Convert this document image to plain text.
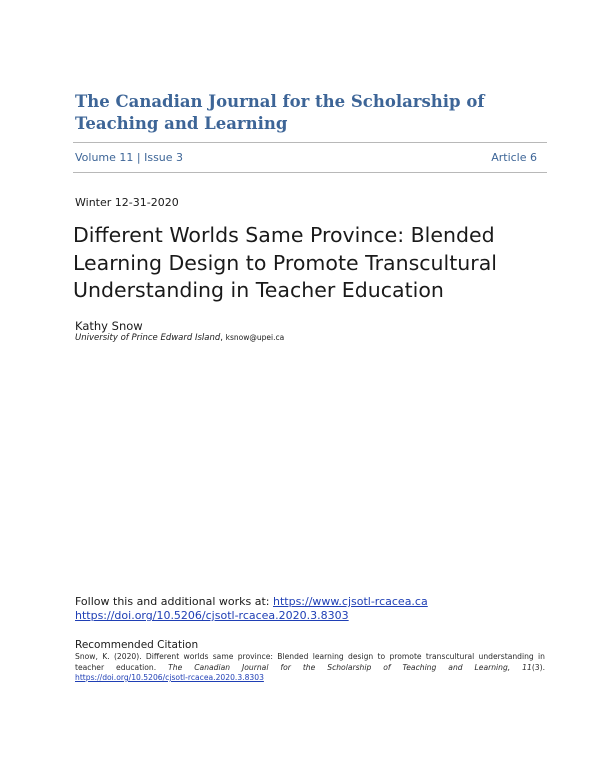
The Canadian Journal for the Scholarship of Teaching and Learning
Volume 11 | Issue 3	Article 6
Winter 12-31-2020
Different Worlds Same Province: Blended Learning Design to Promote Transcultural Understanding in Teacher Education
Kathy Snow
University of Prince Edward Island, ksnow@upei.ca
Follow this and additional works at: https://www.cjsotl-rcacea.ca
https://doi.org/10.5206/cjsotl-rcacea.2020.3.8303
Recommended Citation
Snow, K. (2020). Different worlds same province: Blended learning design to promote transcultural understanding in teacher education. The Canadian Journal for the Scholarship of Teaching and Learning, 11(3). https://doi.org/10.5206/cjsotl-rcacea.2020.3.8303
